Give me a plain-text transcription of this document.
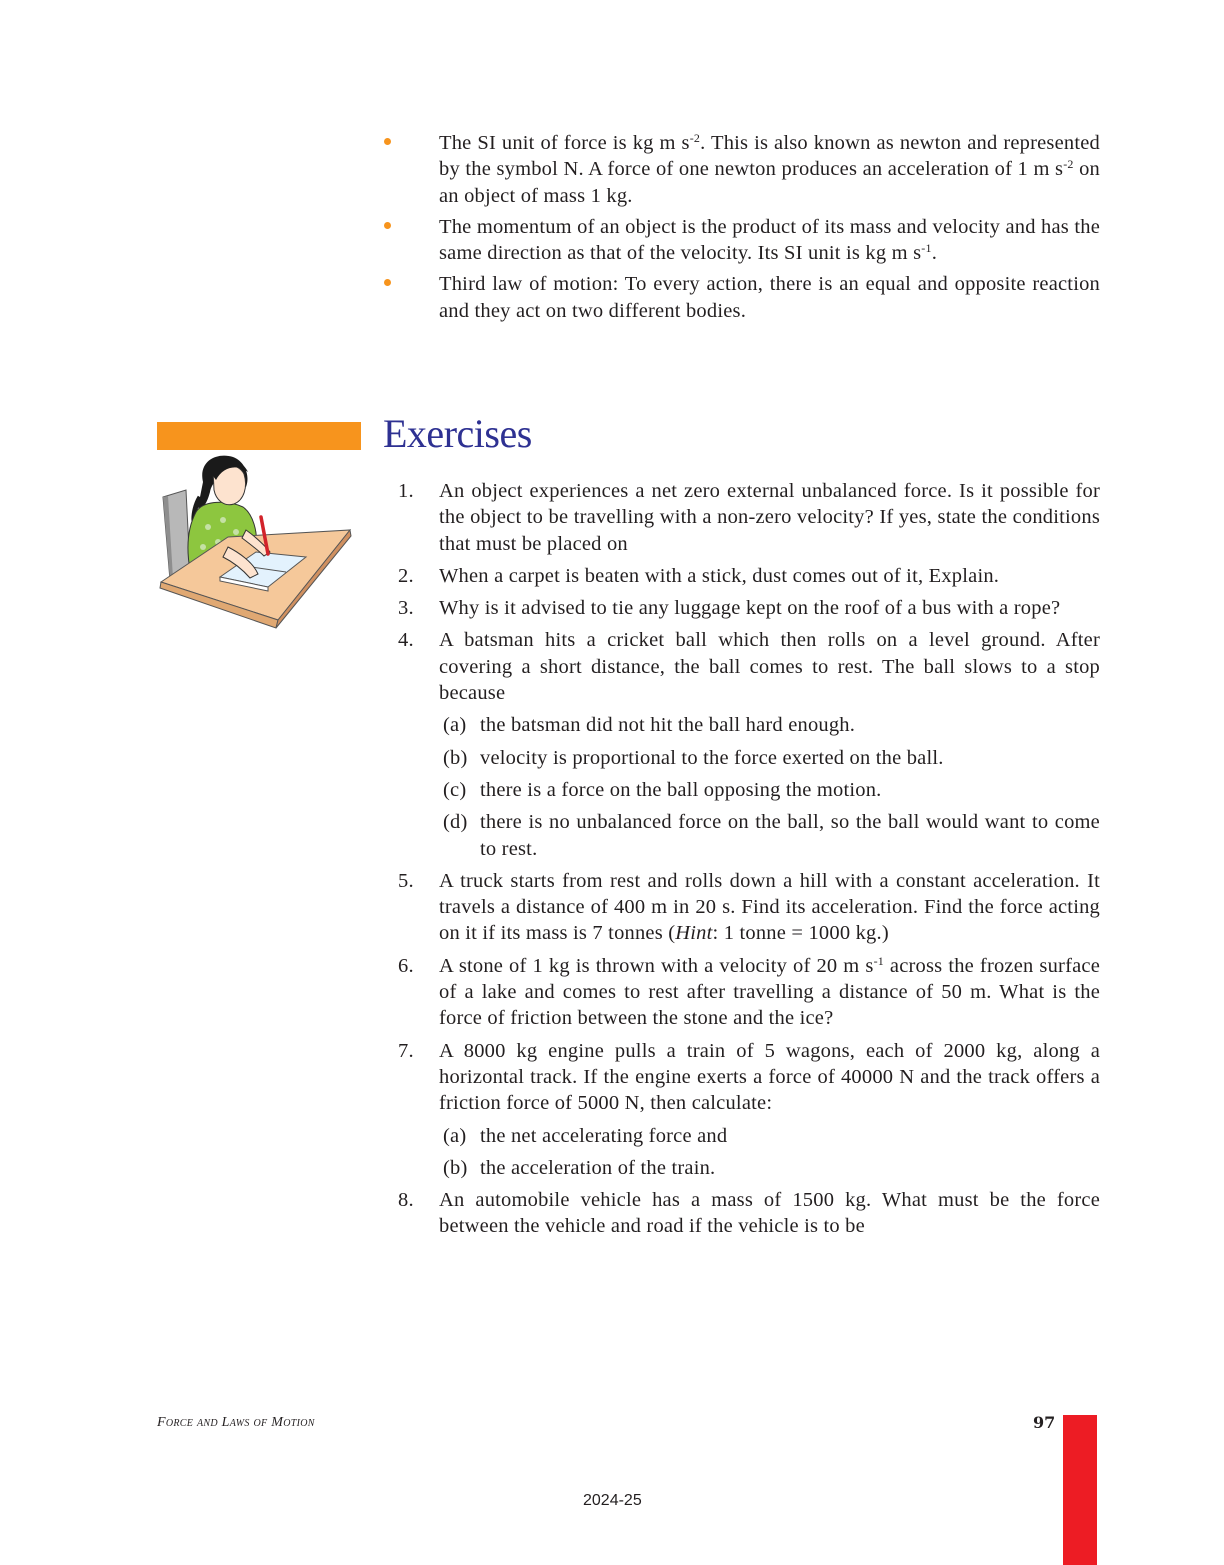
The SI unit of force is kg m $s^{-2}$. This is also known as newton and represented by the symbol N. A force of one newton produces an acceleration of 1 m $s^{-2}$ on an object of mass 1 kg.
The momentum of an object is the product of its mass and velocity and has the same direction as that of the velocity. Its SI unit is kg m $s^{-1}$.
Third law of motion: To every action, there is an equal and opposite reaction and they act on two different bodies.
Exercises
1. An object experiences a net zero external unbalanced force. Is it possible for the object to be travelling with a non-zero velocity? If yes, state the conditions that must be placed on
2. When a carpet is beaten with a stick, dust comes out of it, Explain.
3. Why is it advised to tie any luggage kept on the roof of a bus with a rope?
4. A batsman hits a cricket ball which then rolls on a level ground. After covering a short distance, the ball comes to rest. The ball slows to a stop because
(a) the batsman did not hit the ball hard enough.
(b) velocity is proportional to the force exerted on the ball.
(c) there is a force on the ball opposing the motion.
(d) there is no unbalanced force on the ball, so the ball would want to come to rest.
5. A truck starts from rest and rolls down a hill with a constant acceleration. It travels a distance of 400 m in 20 s. Find its acceleration. Find the force acting on it if its mass is 7 tonnes (Hint: 1 tonne = 1000 kg.)
6. A stone of 1 kg is thrown with a velocity of 20 m $s^{-1}$ across the frozen surface of a lake and comes to rest after travelling a distance of 50 m. What is the force of friction between the stone and the ice?
7. A 8000 kg engine pulls a train of 5 wagons, each of 2000 kg, along a horizontal track. If the engine exerts a force of 40000 N and the track offers a friction force of 5000 N, then calculate:
(a) the net accelerating force and
(b) the acceleration of the train.
8. An automobile vehicle has a mass of 1500 kg. What must be the force between the vehicle and road if the vehicle is to be
Force and Laws of Motion	97
2024-25
